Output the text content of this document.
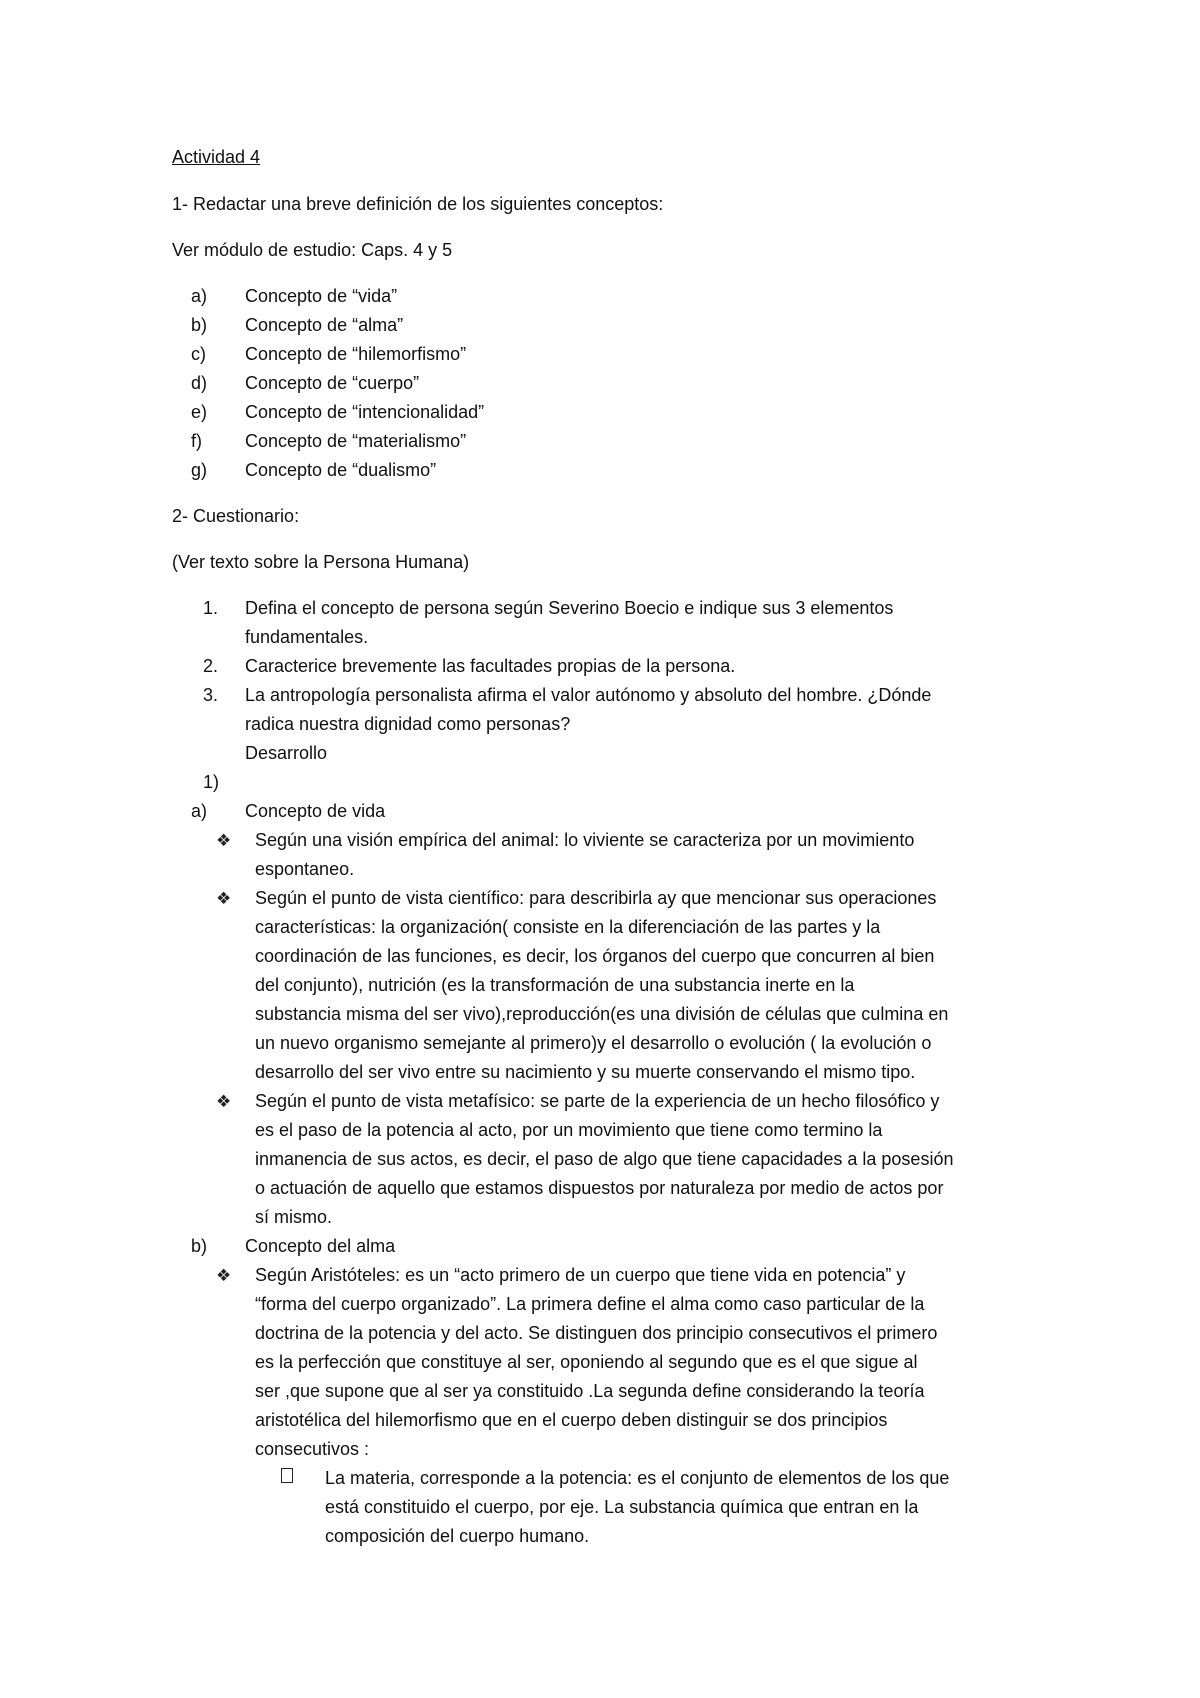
Actividad 4
1- Redactar una breve definición de los siguientes conceptos:
Ver módulo de estudio: Caps. 4 y 5
a) Concepto de “vida”
b) Concepto de “alma”
c) Concepto de “hilemorfismo”
d) Concepto de “cuerpo”
e) Concepto de “intencionalidad”
f) Concepto de “materialismo”
g) Concepto de “dualismo”
2- Cuestionario:
(Ver texto sobre la Persona Humana)
1. Defina el concepto de persona según Severino Boecio e indique sus 3 elementos
fundamentales.
2. Caracterice brevemente las facultades propias de la persona.
3. La antropología personalista afirma el valor autónomo y absoluto del hombre. ¿Dónde
radica nuestra dignidad como personas?
Desarrollo
1)
a) Concepto de vida
❖ Según una visión empírica del animal: lo viviente se caracteriza por un movimiento
espontaneo.
❖ Según el punto de vista científico: para describirla ay que mencionar sus operaciones
características: la organización( consiste en la diferenciación de las partes y la
coordinación de las funciones, es decir, los órganos del cuerpo que concurren al bien
del conjunto), nutrición (es la transformación de una substancia inerte en la
substancia misma del ser vivo),reproducción(es una división de células que culmina en
un nuevo organismo semejante al primero)y el desarrollo o evolución ( la evolución o
desarrollo del ser vivo entre su nacimiento y su muerte conservando el mismo tipo.
❖ Según el punto de vista metafísico: se parte de la experiencia de un hecho filosófico y
es el paso de la potencia al acto, por un movimiento que tiene como termino la
inmanencia de sus actos, es decir, el paso de algo que tiene capacidades a la posesión
o actuación de aquello que estamos dispuestos por naturaleza por medio de actos por
sí mismo.
b) Concepto del alma
❖ Según Aristóteles: es un “acto primero de un cuerpo que tiene vida en potencia” y
“forma del cuerpo organizado”. La primera define el alma como caso particular de la
doctrina de la potencia y del acto. Se distinguen dos principio consecutivos el primero
es la perfección que constituye al ser, oponiendo al segundo que es el que sigue al
ser ,que supone que al ser ya constituido .La segunda define considerando la teoría
aristotélica del hilemorfismo que en el cuerpo deben distinguir se dos principios
consecutivos :
La materia, corresponde a la potencia: es el conjunto de elementos de los que
está constituido el cuerpo, por eje. La substancia química que entran en la
composición del cuerpo humano.
